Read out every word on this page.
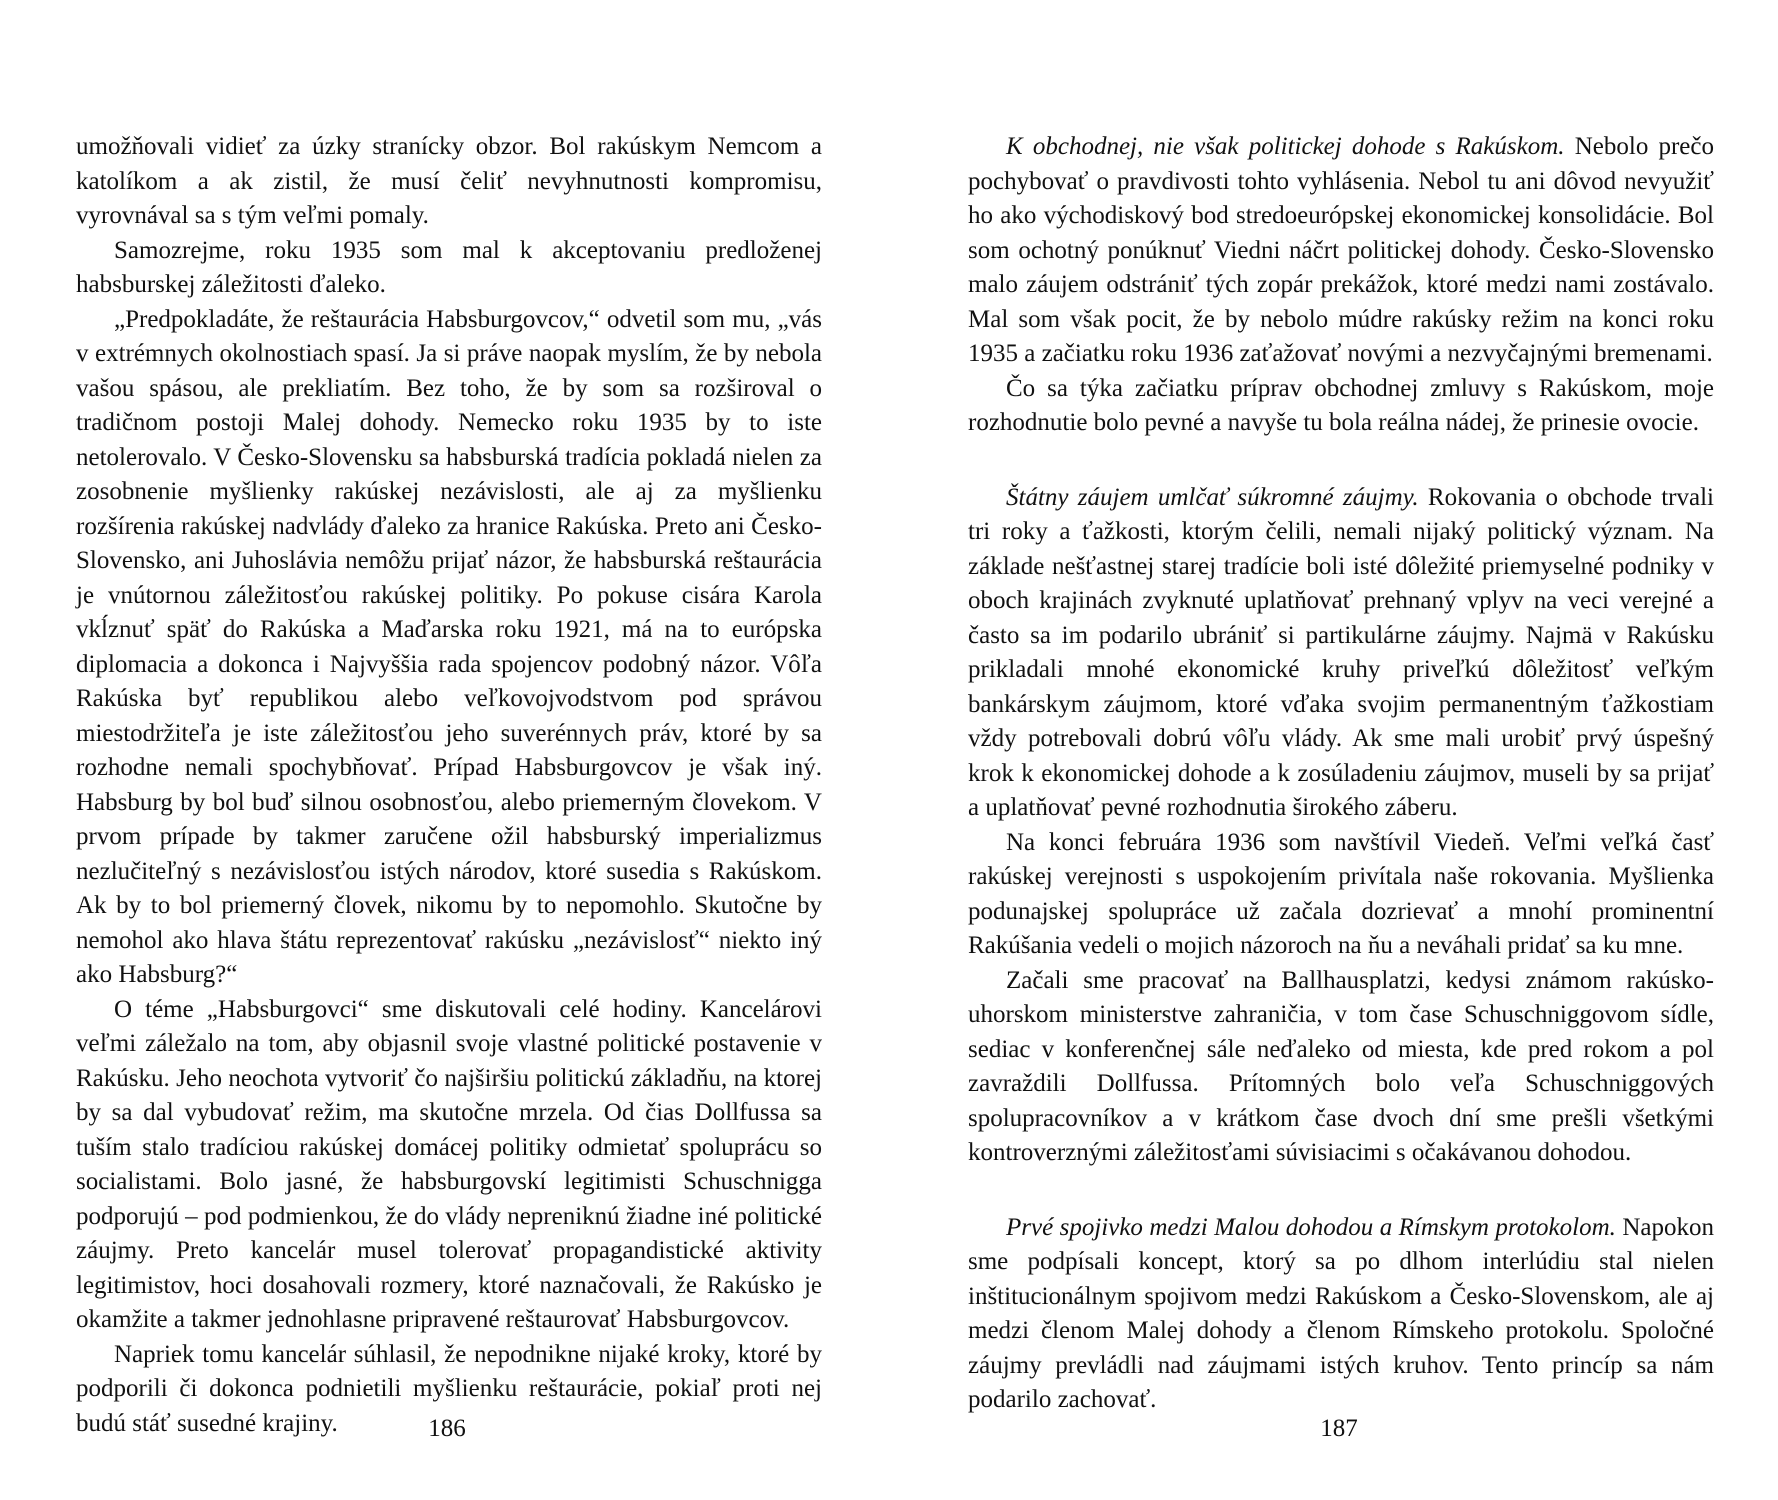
umožňovali vidieť za úzky stranícky obzor. Bol rakúskym Nemcom a katolíkom a ak zistil, že musí čeliť nevyhnutnosti kompromisu, vyrovnával sa s tým veľmi pomaly.

Samozrejme, roku 1935 som mal k akceptovaniu predloženej habsburskej záležitosti ďaleko.

„Predpokladáte, že reštaurácia Habsburgovcov,“ odvetil som mu, „vás v extrémnych okolnostiach spasí. Ja si práve naopak myslím, že by nebola vašou spásou, ale prekliatím. Bez toho, že by som sa rozširoval o tradičnom postoji Malej dohody. Nemecko roku 1935 by to iste netolerovalo. V Česko-Slovensku sa habsburská tradícia pokladá nielen za zosobnenie myšlienky rakúskej nezávislosti, ale aj za myšlienku rozšírenia rakúskej nadvlády ďaleko za hranice Rakúska. Preto ani Česko-Slovensko, ani Juhoslávia nemôžu prijať názor, že habsburská reštaurácia je vnútornou záležitosťou rakúskej politiky. Po pokuse cisára Karola vkĺznuť späť do Rakúska a Maďarska roku 1921, má na to európska diplomacia a dokonca i Najvyššia rada spojencov podobný názor. Vôľa Rakúska byť republikou alebo veľkovojvodstvom pod správou miestodržiteľa je iste záležitosťou jeho suverénnych práv, ktoré by sa rozhodne nemali spochybňovať. Prípad Habsburgovcov je však iný. Habsburg by bol buď silnou osobnosťou, alebo priemerným človekom. V prvom prípade by takmer zaručene ožil habsburský imperializmus nezlučiteľný s nezávislosťou istých národov, ktoré susedia s Rakúskom. Ak by to bol priemerný človek, nikomu by to nepomohlo. Skutočne by nemohol ako hlava štátu reprezentovať rakúsku „nezávislosť“ niekto iný ako Habsburg?“

O téme „Habsburgovci“ sme diskutovali celé hodiny. Kancelárovi veľmi záležalo na tom, aby objasnil svoje vlastné politické postavenie v Rakúsku. Jeho neochota vytvoriť čo najširšiu politickú základňu, na ktorej by sa dal vybudovať režim, ma skutočne mrzela. Od čias Dollfussa sa tuším stalo tradíciou rakúskej domácej politiky odmietať spoluprácu so socialistami. Bolo jasné, že habsburgovskí legitimisti Schuschnigga podporujú – pod podmienkou, že do vlády nepreniknú žiadne iné politické záujmy. Preto kancelár musel tolerovať propagandistické aktivity legitimistov, hoci dosahovali rozmery, ktoré naznačovali, že Rakúsko je okamžite a takmer jednohlasne pripravené reštaurovať Habsburgovcov.

Napriek tomu kancelár súhlasil, že nepodnikne nijaké kroky, ktoré by podporili či dokonca podnietili myšlienku reštaurácie, pokiaľ proti nej budú stáť susedné krajiny.	186

K obchodnej, nie však politickej dohode s Rakúskom. Nebolo prečo pochybovať o pravdivosti tohto vyhlásenia. Nebol tu ani dôvod nevyužiť ho ako východiskový bod stredoeurópskej ekonomickej konsolidácie. Bol som ochotný ponúknuť Viedni náčrt politickej dohody. Česko-Slovensko malo záujem odstrániť tých zopár prekážok, ktoré medzi nami zostávalo. Mal som však pocit, že by nebolo múdre rakúsky režim na konci roku 1935 a začiatku roku 1936 zaťažovať novými a nezvyčajnými bremenami.

Čo sa týka začiatku príprav obchodnej zmluvy s Rakúskom, moje rozhodnutie bolo pevné a navyše tu bola reálna nádej, že prinesie ovocie.

Štátny záujem umlčať súkromné záujmy. Rokovania o obchode trvali tri roky a ťažkosti, ktorým čelili, nemali nijaký politický význam. Na základe nešťastnej starej tradície boli isté dôležité priemyselné podniky v oboch krajinách zvyknuté uplatňovať prehnaný vplyv na veci verejné a často sa im podarilo ubrániť si partikulárne záujmy. Najmä v Rakúsku prikladali mnohé ekonomické kruhy priveľkú dôležitosť veľkým bankárskym záujmom, ktoré vďaka svojim permanentným ťažkostiam vždy potrebovali dobrú vôľu vlády. Ak sme mali urobiť prvý úspešný krok k ekonomickej dohode a k zosúladeniu záujmov, museli by sa prijať a uplatňovať pevné rozhodnutia širokého záberu.

Na konci februára 1936 som navštívil Viedeň. Veľmi veľká časť rakúskej verejnosti s uspokojením privítala naše rokovania. Myšlienka podunajskej spolupráce už začala dozrievať a mnohí prominentní Rakúšania vedeli o mojich názoroch na ňu a neváhali pridať sa ku mne.

Začali sme pracovať na Ballhausplatzi, kedysi známom rakúsko-uhorskom ministerstve zahraničia, v tom čase Schuschniggovom sídle, sediac v konferenčnej sále neďaleko od miesta, kde pred rokom a pol zavraždili Dollfussa. Prítomných bolo veľa Schuschniggových spolupracovníkov a v krátkom čase dvoch dní sme prešli všetkými kontroverznými záležitosťami súvisiacimi s očakávanou dohodou.

Prvé spojivko medzi Malou dohodou a Rímskym protokolom. Napokon sme podpísali koncept, ktorý sa po dlhom interlúdiu stal nielen inštitucionálnym spojivom medzi Rakúskom a Česko-Slovenskom, ale aj medzi členom Malej dohody a členom Rímskeho protokolu. Spoločné záujmy prevládli nad záujmami istých kruhov. Tento princíp sa nám podarilo zachovať.

187
